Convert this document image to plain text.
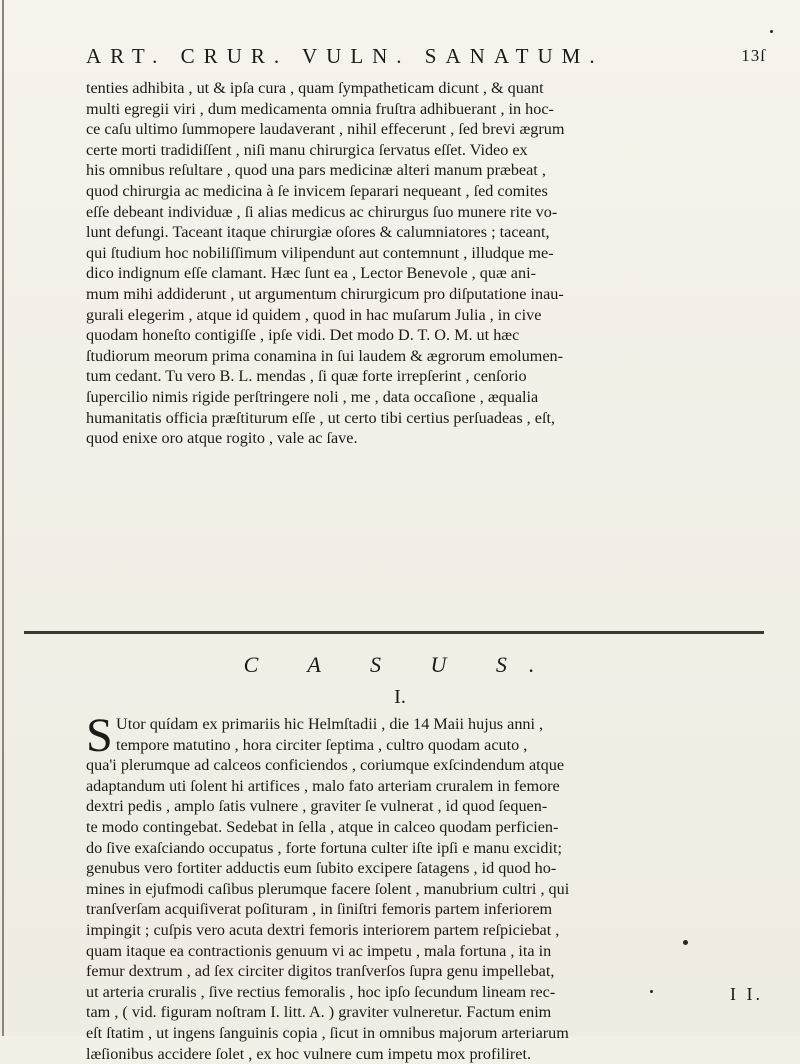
ART. CRUR. VULN. SANATUM.	13ſ
tenties adhibita , ut & ipſa cura , quam ſympatheticam dicunt , & quant
multi egregii viri , dum medicamenta omnia fruſtra adhibuerant , in hoc-
ce caſu ultimo ſummopere laudaverant , nihil effecerunt , ſed brevi ægrum
certe morti tradidiſſent , niſi manu chirurgica ſervatus eſſet. Video ex
his omnibus reſultare , quod una pars medicinæ alteri manum præbeat ,
quod chirurgia ac medicina à ſe invicem ſeparari nequeant , ſed comites
eſſe debeant individuæ , ſi alias medicus ac chirurgus ſuo munere rite vo-
lunt defungi. Taceant itaque chirurgiæ oſores & calumniatores ; taceant,
qui ſtudium hoc nobiliſſimum vilipendunt aut contemnunt , illudque me-
dico indignum eſſe clamant. Hæc ſunt ea , Lector Benevole , quæ ani-
mum mihi addiderunt , ut argumentum chirurgicum pro diſputatione inau-
gurali elegerim , atque id quidem , quod in hac muſarum Julia , in cive
quodam honeſto contigiſſe , ipſe vidi. Det modo D. T. O. M. ut hæc
ſtudiorum meorum prima conamina in ſui laudem & ægrorum emolumen-
tum cedant. Tu vero B. L. mendas , ſi quæ forte irrepſerint , cenſorio
ſupercilio nimis rigide perſtringere noli , me , data occaſione , æqualia
humanitatis officia præſtiturum eſſe , ut certo tibi certius perſuadeas , eſt,
quod enixe oro atque rogito , vale ac ſave.
C A S U S.
I.
S Utor quídam ex primariis hic Helmſtadii , die 14 Maii hujus anni ,
tempore matutino , hora circiter ſeptima , cultro quodam acuto ,
qua'i plerumque ad calceos conficiendos , coriumque exſcindendum atque
adaptandum uti ſolent hi artifices , malo fato arteriam cruralem in femore
dextri pedis , amplo ſatis vulnere , graviter ſe vulnerat , id quod ſequen-
te modo contingebat. Sedebat in ſella , atque in calceo quodam perficien-
do ſive exaſciando occupatus , forte fortuna culter iſte ipſi e manu excidit;
genubus vero fortiter adductis eum ſubito excipere ſatagens , id quod ho-
mines in ejufmodi caſibus plerumque facere ſolent , manubrium cultri , qui
tranſverſam acquiſiverat poſituram , in ſiniſtri femoris partem inferiorem
impingit ; cuſpis vero acuta dextri femoris interiorem partem reſpiciebat ,
quam itaque ea contractionis genuum vi ac impetu , mala fortuna , ita in
femur dextrum , ad ſex circiter digitos tranſverſos ſupra genu impellebat,
ut arteria cruralis , ſive rectius femoralis , hoc ipſo ſecundum lineam rec-
tam , ( vid. figuram noſtram I. litt. A. ) graviter vulneretur. Factum enim
eſt ſtatim , ut ingens ſanguinis copia , ſicut in omnibus majorum arteriarum
læſionibus accidere ſolet , ex hoc vulnere cum impetu mox profiliret.
I I.
